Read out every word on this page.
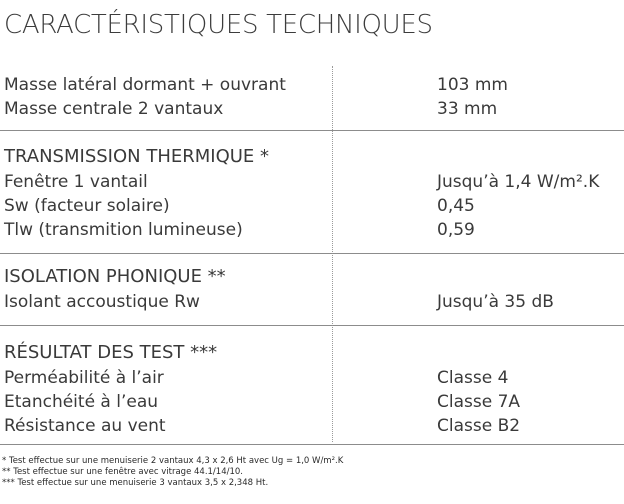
CARACTÉRISTIQUES TECHNIQUES
Masse latéral dormant + ouvrant	103 mm
Masse centrale 2 vantaux	33 mm
TRANSMISSION THERMIQUE *
Fenêtre 1 vantail	Jusqu’à 1,4 W/m².K
Sw (facteur solaire)	0,45
Tlw (transmition lumineuse)	0,59
ISOLATION PHONIQUE **
Isolant accoustique Rw	Jusqu’à 35 dB
RÉSULTAT DES TEST ***
Perméabilité à l’air	Classe 4
Etanchéité à l’eau	Classe 7A
Résistance au vent	Classe B2
* Test effectue sur une menuiserie 2 vantaux 4,3 x 2,6 Ht avec Ug = 1,0 W/m².K
** Test effectue sur une fenêtre avec vitrage 44.1/14/10.
*** Test effectue sur une menuiserie 3 vantaux 3,5 x 2,348 Ht.
